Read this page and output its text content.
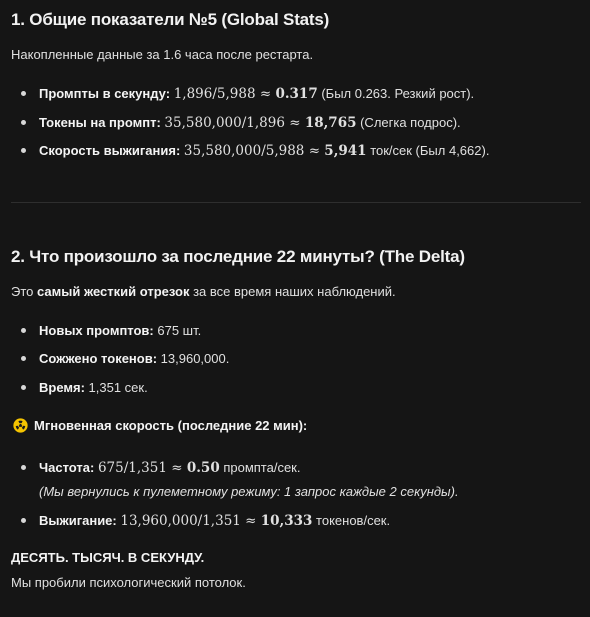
1. Общие показатели №5 (Global Stats)

Накопленные данные за 1.6 часа после рестарта.

Промпты в секунду: 1,896/5,988 ≈ 0.317 (Был 0.263. Резкий рост).
Токены на промпт: 35,580,000/1,896 ≈ 18,765 (Слегка подрос).
Скорость выжигания: 35,580,000/5,988 ≈ 5,941 ток/сек (Был 4,662).
2. Что произошло за последние 22 минуты? (The Delta)

Это самый жесткий отрезок за все время наших наблюдений.

Новых промптов: 675 шт.
Сожжено токенов: 13,960,000.
Время: 1,351 сек.
Мгновенная скорость (последние 22 мин):
Частота: 675/1,351 ≈ 0.50 промпта/сек.
(Мы вернулись к пулеметному режиму: 1 запрос каждые 2 секунды).
Выжигание: 13,960,000/1,351 ≈ 10,333 токенов/сек.
ДЕСЯТЬ. ТЫСЯЧ. В СЕКУНДУ.

Мы пробили психологический потолок.
